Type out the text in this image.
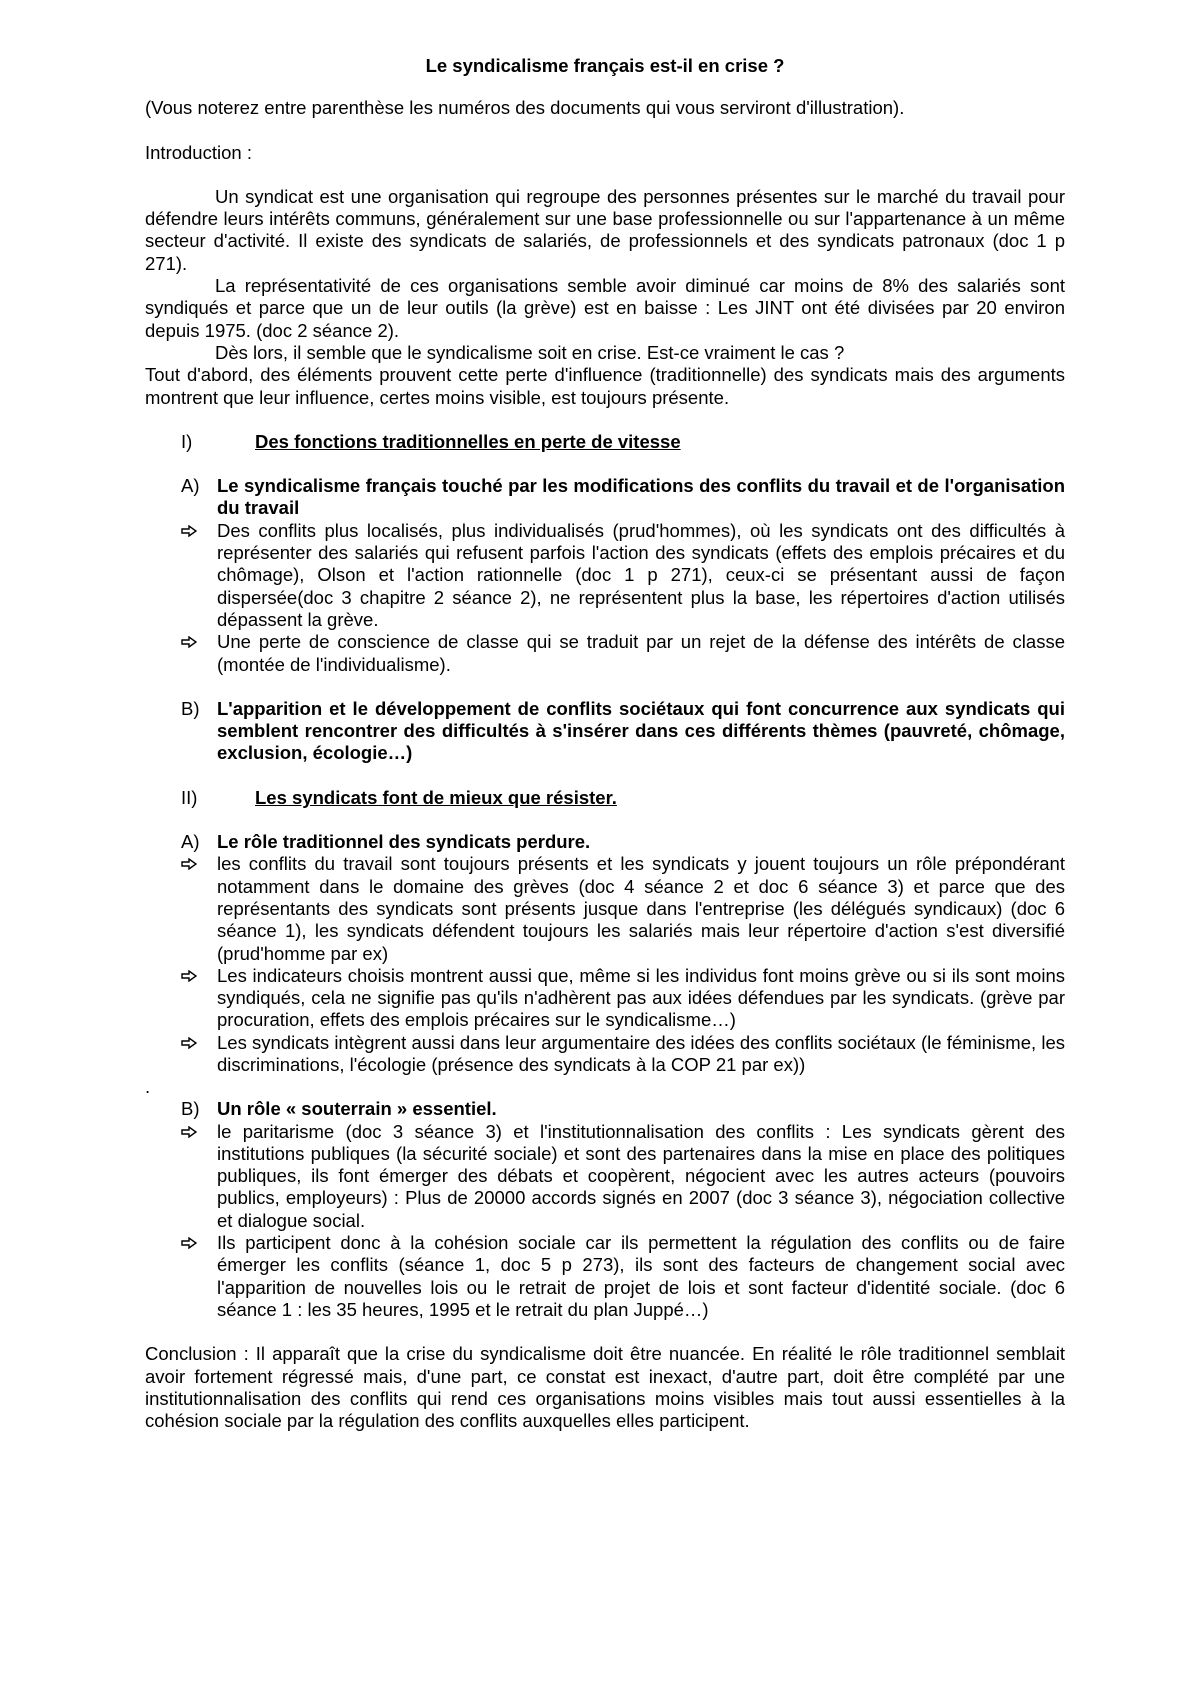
Le syndicalisme français est-il en crise ?

(Vous noterez entre parenthèse les numéros des documents qui vous serviront d'illustration).

Introduction :

Un syndicat est une organisation qui regroupe des personnes présentes sur le marché du travail pour défendre leurs intérêts communs, généralement sur une base professionnelle ou sur l'appartenance à un même secteur d'activité. Il existe des syndicats de salariés, de professionnels et des syndicats patronaux (doc 1 p 271).

La représentativité de ces organisations semble avoir diminué car moins de 8% des salariés sont syndiqués et parce que un de leur outils (la grève) est en baisse : Les JINT ont été divisées par 20 environ depuis 1975. (doc 2 séance 2).

Dès lors, il semble que le syndicalisme soit en crise. Est-ce vraiment le cas ?

Tout d'abord, des éléments prouvent cette perte d'influence (traditionnelle) des syndicats mais des arguments montrent que leur influence, certes moins visible, est toujours présente.

I)	Des fonctions traditionnelles en perte de vitesse
A) Le syndicalisme français touché par les modifications des conflits du travail et de l'organisation du travail
Des conflits plus localisés, plus individualisés (prud'hommes), où les syndicats ont des difficultés à représenter des salariés qui refusent parfois l'action des syndicats (effets des emplois précaires et du chômage), Olson et l'action rationnelle (doc 1 p 271), ceux-ci se présentant aussi de façon dispersée(doc 3 chapitre 2 séance 2), ne représentent plus la base, les répertoires d'action utilisés dépassent la grève.
Une perte de conscience de classe qui se traduit par un rejet de la défense des intérêts de classe (montée de l'individualisme).
B) L'apparition et le développement de conflits sociétaux qui font concurrence aux syndicats qui semblent rencontrer des difficultés à s'insérer dans ces différents thèmes (pauvreté, chômage, exclusion, écologie…)
II)	Les syndicats font de mieux que résister.
A) Le rôle traditionnel des syndicats perdure.
les conflits du travail sont toujours présents et les syndicats y jouent toujours un rôle prépondérant notamment dans le domaine des grèves (doc 4 séance 2 et doc 6 séance 3) et parce que des représentants des syndicats sont présents jusque dans l'entreprise (les délégués syndicaux) (doc 6 séance 1), les syndicats défendent toujours les salariés mais leur répertoire d'action s'est diversifié (prud'homme par ex)
Les indicateurs choisis montrent aussi que, même si les individus font moins grève ou si ils sont moins syndiqués, cela ne signifie pas qu'ils n'adhèrent pas aux idées défendues par les syndicats. (grève par procuration, effets des emplois précaires sur le syndicalisme…)
Les syndicats intègrent aussi dans leur argumentaire des idées des conflits sociétaux (le féminisme, les discriminations, l'écologie (présence des syndicats à la COP 21 par ex))

.

B) Un rôle « souterrain » essentiel.
le paritarisme (doc 3 séance 3) et l'institutionnalisation des conflits : Les syndicats gèrent des institutions publiques (la sécurité sociale) et sont des partenaires dans la mise en place des politiques publiques, ils font émerger des débats et coopèrent, négocient avec les autres acteurs (pouvoirs publics, employeurs) : Plus de 20000 accords signés en 2007 (doc 3 séance 3), négociation collective et dialogue social.
Ils participent donc à la cohésion sociale car ils permettent la régulation des conflits ou de faire émerger les conflits (séance 1, doc 5 p 273), ils sont des facteurs de changement social avec l'apparition de nouvelles lois ou le retrait de projet de lois et sont facteur d'identité sociale. (doc 6 séance 1 : les 35 heures, 1995 et le retrait du plan Juppé…)

Conclusion : Il apparaît que la crise du syndicalisme doit être nuancée. En réalité le rôle traditionnel semblait avoir fortement régressé mais, d'une part, ce constat est inexact, d'autre part, doit être complété par une institutionnalisation des conflits qui rend ces organisations moins visibles mais tout aussi essentielles à la cohésion sociale par la régulation des conflits auxquelles elles participent.
